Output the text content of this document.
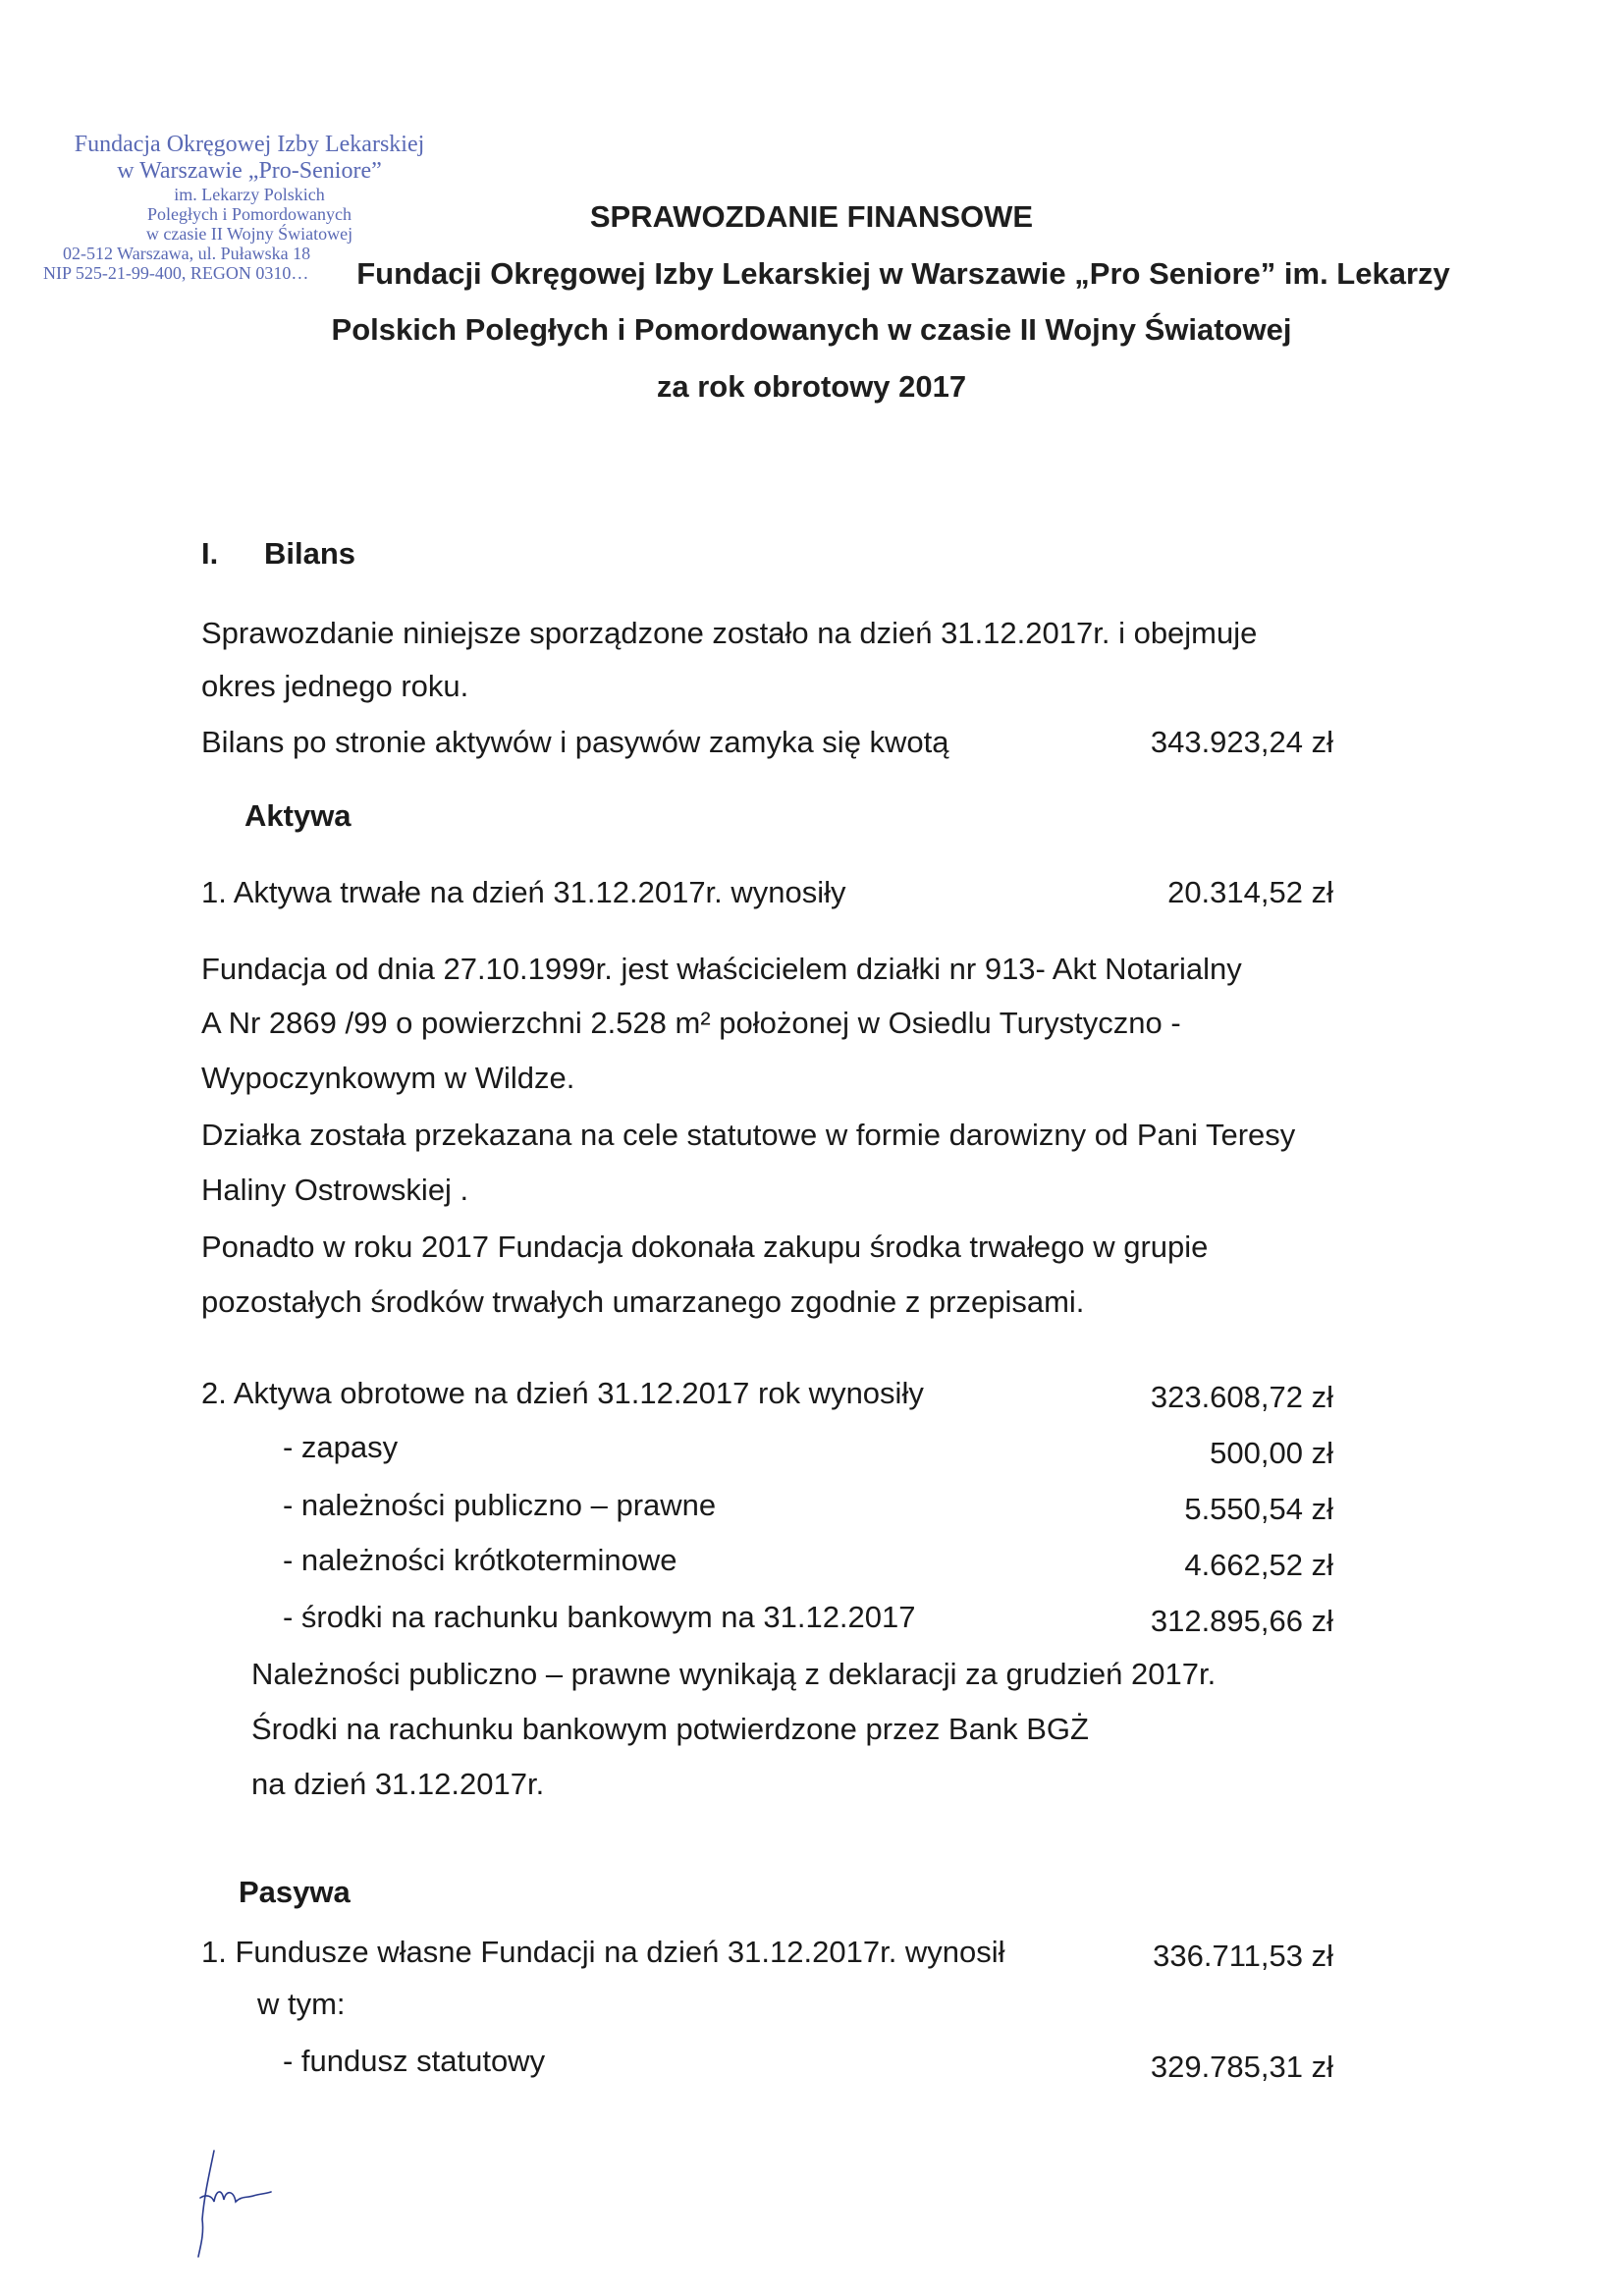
Fundacja Okręgowej Izby Lekarskiej
w Warszawie „Pro-Seniore”
im. Lekarzy Polskich
Poległych i Pomordowanych
w czasie II Wojny Światowej
02-512 Warszawa, ul. Puławska 18
NIP 525-21-99-400, REGON 0310…
SPRAWOZDANIE FINANSOWE
Fundacji Okręgowej Izby Lekarskiej w Warszawie „Pro Seniore” im. Lekarzy
Polskich Poległych i Pomordowanych w czasie II Wojny Światowej
za rok obrotowy 2017
I. Bilans
Sprawozdanie niniejsze sporządzone zostało na dzień 31.12.2017r. i obejmuje
okres jednego roku.
Bilans po stronie aktywów i pasywów zamyka się kwotą	343.923,24 zł
Aktywa
1. Aktywa trwałe na dzień 31.12.2017r. wynosiły	20.314,52 zł
Fundacja od dnia 27.10.1999r. jest właścicielem działki nr 913- Akt Notarialny
A Nr 2869 /99 o powierzchni 2.528 m² położonej w Osiedlu Turystyczno -
Wypoczynkowym w Wildze.
Działka została przekazana na cele statutowe w formie darowizny od Pani Teresy
Haliny Ostrowskiej .
Ponadto w roku 2017 Fundacja dokonała zakupu środka trwałego w grupie
pozostałych środków trwałych umarzanego zgodnie z przepisami.
2. Aktywa obrotowe na dzień 31.12.2017 rok wynosiły	323.608,72 zł
- zapasy	500,00 zł
- należności publiczno – prawne	5.550,54 zł
- należności krótkoterminowe	4.662,52 zł
- środki na rachunku bankowym na 31.12.2017	312.895,66 zł
Należności publiczno – prawne wynikają z deklaracji za grudzień 2017r.
Środki na rachunku bankowym potwierdzone przez Bank BGŻ
na dzień 31.12.2017r.
Pasywa
1. Fundusze własne Fundacji na dzień 31.12.2017r. wynosił	336.711,53 zł
w tym:
- fundusz statutowy	329.785,31 zł
